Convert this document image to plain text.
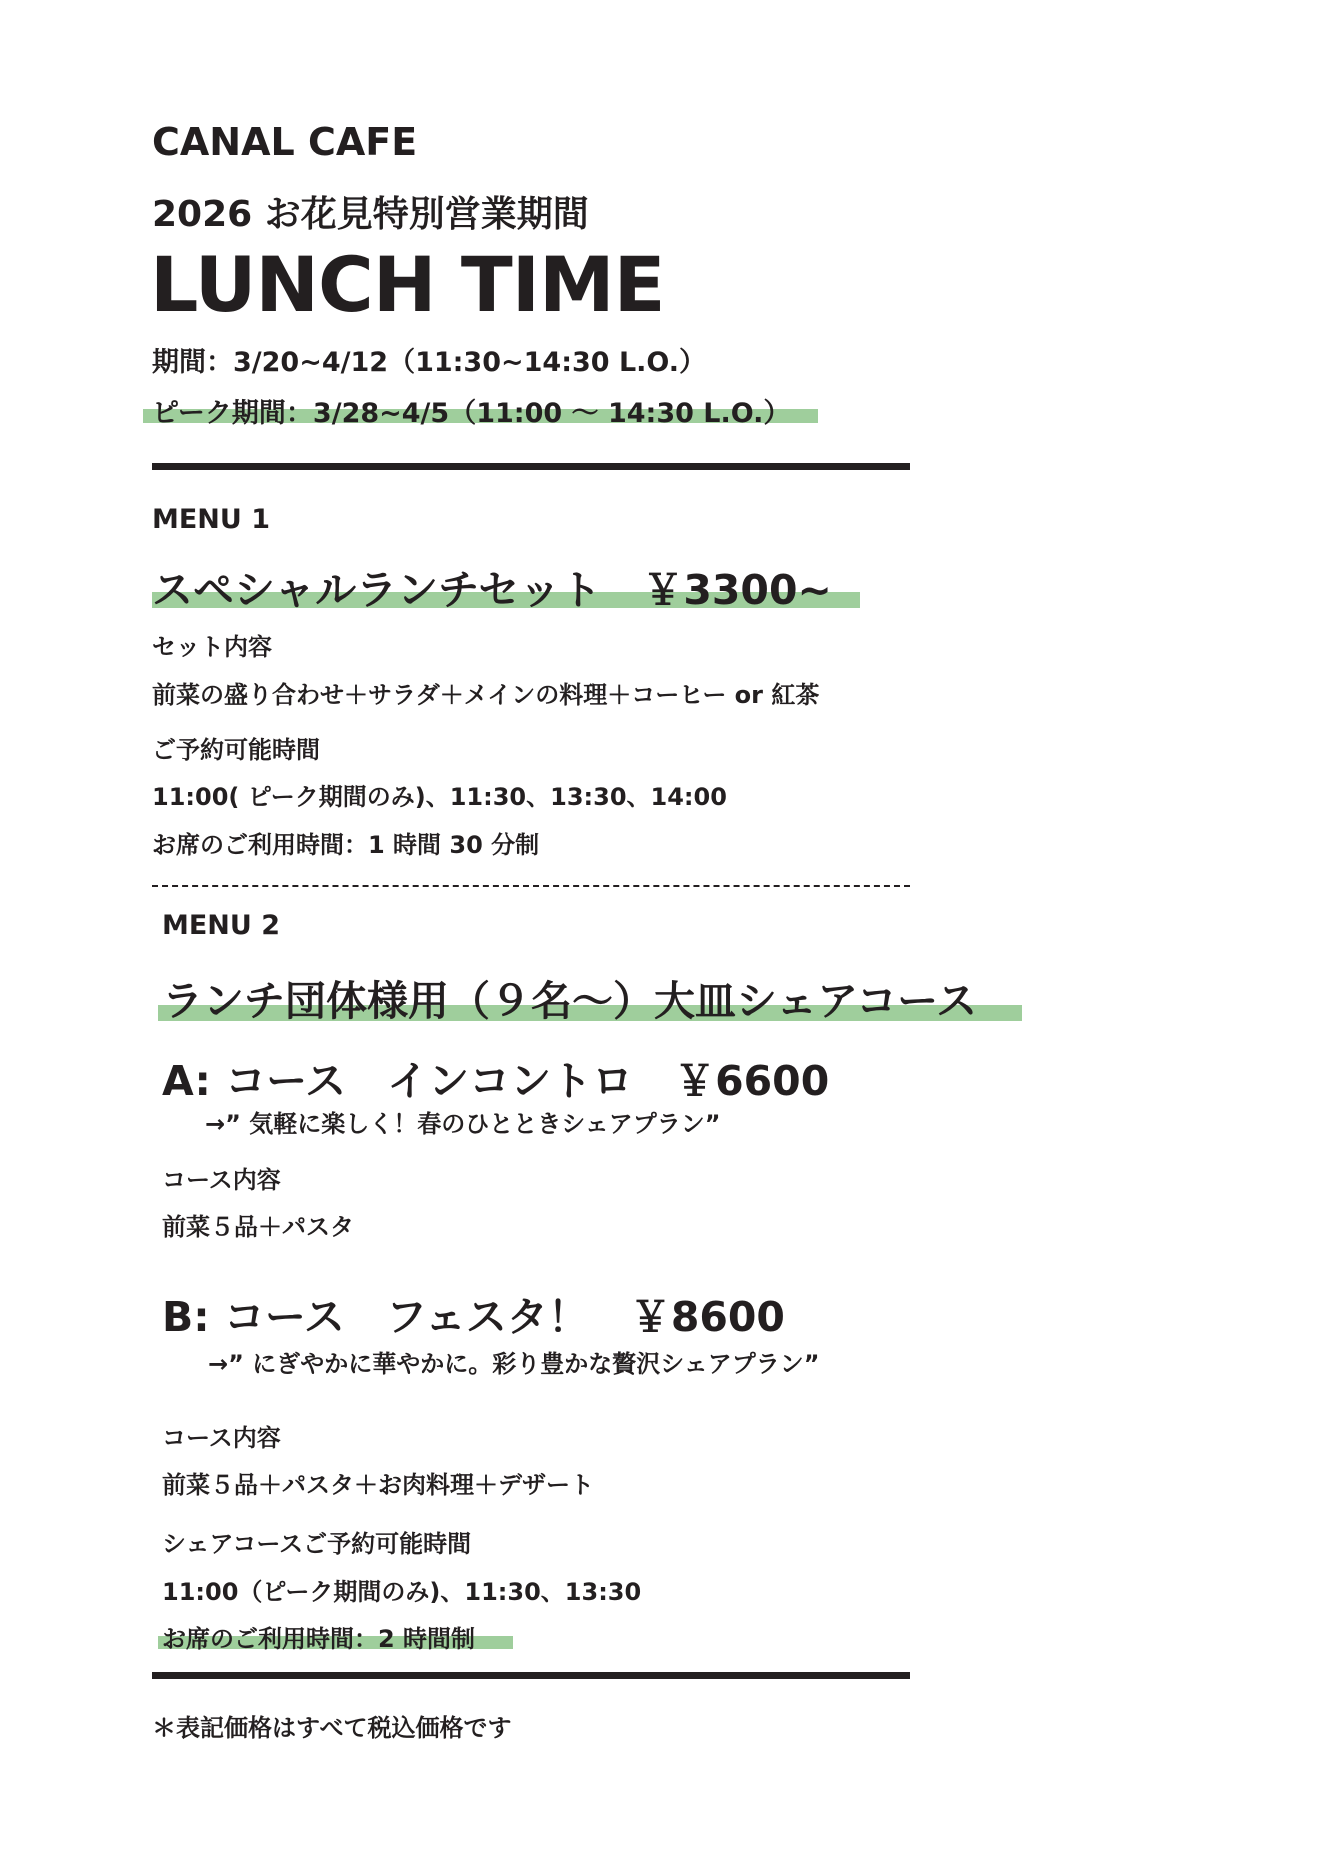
CANAL CAFE
2026 お花見特別営業期間
LUNCH TIME
期間：3/20~4/12（11:30~14:30 L.O.）
ピーク期間：3/28~4/5（11:00 ～ 14:30 L.O.）
MENU 1
スペシャルランチセット　￥3300~
セット内容
前菜の盛り合わせ＋サラダ＋メインの料理＋コーヒー or 紅茶
ご予約可能時間
11:00( ピーク期間のみ)、11:30、13:30、14:00
お席のご利用時間：1 時間 30 分制
MENU 2
ランチ団体様用（９名～）大皿シェアコース
A: コース　インコントロ　￥6600
→” 気軽に楽しく！春のひとときシェアプラン”
コース内容
前菜５品＋パスタ
B: コース　フェスタ！　￥8600
→” にぎやかに華やかに。彩り豊かな贅沢シェアプラン”
コース内容
前菜５品＋パスタ＋お肉料理＋デザート
シェアコースご予約可能時間
11:00（ピーク期間のみ)、11:30、13:30
お席のご利用時間：2 時間制
＊表記価格はすべて税込価格です
